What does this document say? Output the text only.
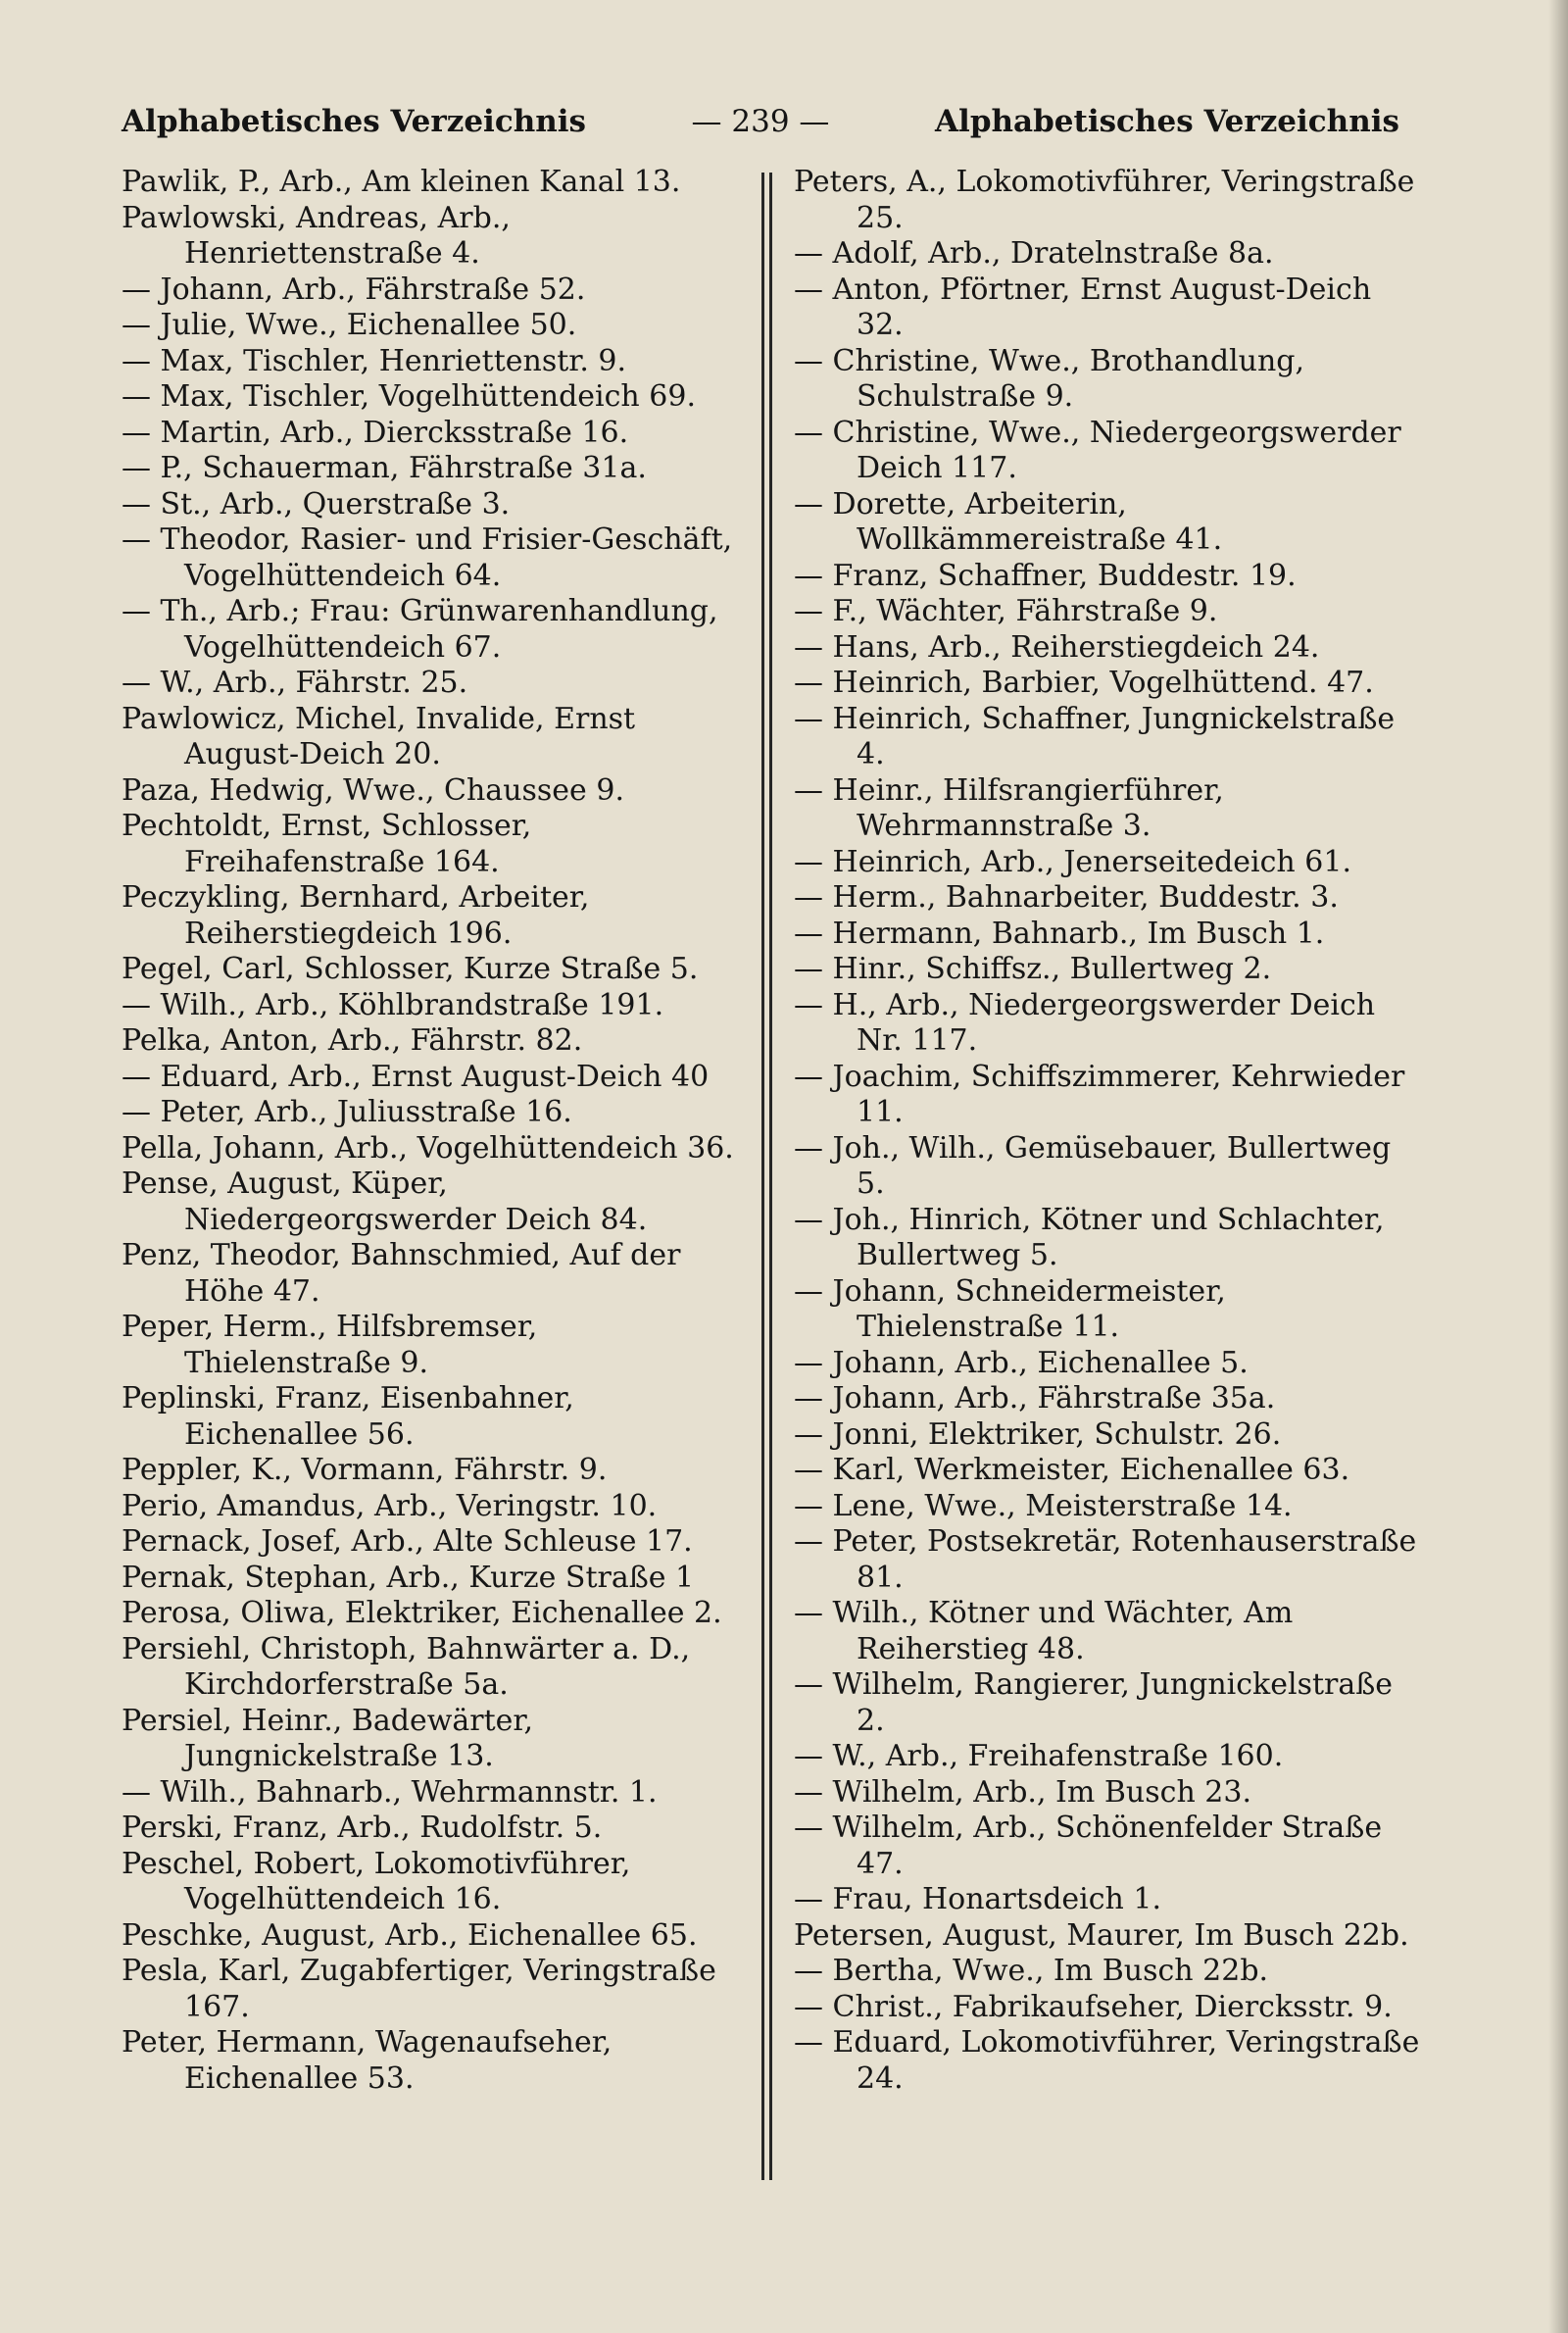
Alphabetisches Verzeichnis	— 239 —	Alphabetisches Verzeichnis

Pawlik, P., Arb., Am kleinen Kanal 13.

Pawlowski, Andreas, Arb., Henriettenstraße 4.

— Johann, Arb., Fährstraße 52.

— Julie, Wwe., Eichenallee 50.

— Max, Tischler, Henriettenstr. 9.

— Max, Tischler, Vogelhüttendeich 69.

— Martin, Arb., Diercksstraße 16.

— P., Schauerman, Fährstraße 31a.

— St., Arb., Querstraße 3.

— Theodor, Rasier- und Frisier-Geschäft, Vogelhüttendeich 64.

— Th., Arb.; Frau: Grünwarenhandlung, Vogelhüttendeich 67.

— W., Arb., Fährstr. 25.

Pawlowicz, Michel, Invalide, Ernst August-Deich 20.

Paza, Hedwig, Wwe., Chaussee 9.

Pechtoldt, Ernst, Schlosser, Freihafenstraße 164.

Peczykling, Bernhard, Arbeiter, Reiherstiegdeich 196.

Pegel, Carl, Schlosser, Kurze Straße 5.

— Wilh., Arb., Köhlbrandstraße 191.

Pelka, Anton, Arb., Fährstr. 82.

— Eduard, Arb., Ernst August-Deich 40

— Peter, Arb., Juliusstraße 16.

Pella, Johann, Arb., Vogelhüttendeich 36.

Pense, August, Küper, Niedergeorgswerder Deich 84.

Penz, Theodor, Bahnschmied, Auf der Höhe 47.

Peper, Herm., Hilfsbremser, Thielenstraße 9.

Peplinski, Franz, Eisenbahner, Eichenallee 56.

Peppler, K., Vormann, Fährstr. 9.

Perio, Amandus, Arb., Veringstr. 10.

Pernack, Josef, Arb., Alte Schleuse 17.

Pernak, Stephan, Arb., Kurze Straße 1

Perosa, Oliwa, Elektriker, Eichenallee 2.

Persiehl, Christoph, Bahnwärter a. D., Kirchdorferstraße 5a.

Persiel, Heinr., Badewärter, Jungnickelstraße 13.

— Wilh., Bahnarb., Wehrmannstr. 1.

Perski, Franz, Arb., Rudolfstr. 5.

Peschel, Robert, Lokomotivführer, Vogelhüttendeich 16.

Peschke, August, Arb., Eichenallee 65.

Pesla, Karl, Zugabfertiger, Veringstraße 167.

Peter, Hermann, Wagenaufseher, Eichenallee 53.

Peters, A., Lokomotivführer, Veringstraße 25.

— Adolf, Arb., Dratelnstraße 8a.

— Anton, Pförtner, Ernst August-Deich 32.

— Christine, Wwe., Brothandlung, Schulstraße 9.

— Christine, Wwe., Niedergeorgswerder Deich 117.

— Dorette, Arbeiterin, Wollkämmereistraße 41.

— Franz, Schaffner, Buddestr. 19.

— F., Wächter, Fährstraße 9.

— Hans, Arb., Reiherstiegdeich 24.

— Heinrich, Barbier, Vogelhüttend. 47.

— Heinrich, Schaffner, Jungnickelstraße 4.

— Heinr., Hilfsrangierführer, Wehrmannstraße 3.

— Heinrich, Arb., Jenerseitedeich 61.

— Herm., Bahnarbeiter, Buddestr. 3.

— Hermann, Bahnarb., Im Busch 1.

— Hinr., Schiffsz., Bullertweg 2.

— H., Arb., Niedergeorgswerder Deich Nr. 117.

— Joachim, Schiffszimmerer, Kehrwieder 11.

— Joh., Wilh., Gemüsebauer, Bullertweg 5.

— Joh., Hinrich, Kötner und Schlachter, Bullertweg 5.

— Johann, Schneidermeister, Thielenstraße 11.

— Johann, Arb., Eichenallee 5.

— Johann, Arb., Fährstraße 35a.

— Jonni, Elektriker, Schulstr. 26.

— Karl, Werkmeister, Eichenallee 63.

— Lene, Wwe., Meisterstraße 14.

— Peter, Postsekretär, Rotenhauserstraße 81.

— Wilh., Kötner und Wächter, Am Reiherstieg 48.

— Wilhelm, Rangierer, Jungnickelstraße 2.

— W., Arb., Freihafenstraße 160.

— Wilhelm, Arb., Im Busch 23.

— Wilhelm, Arb., Schönenfelder Straße 47.

— Frau, Honartsdeich 1.

Petersen, August, Maurer, Im Busch 22b.

— Bertha, Wwe., Im Busch 22b.

— Christ., Fabrikaufseher, Diercksstr. 9.

— Eduard, Lokomotivführer, Veringstraße 24.
